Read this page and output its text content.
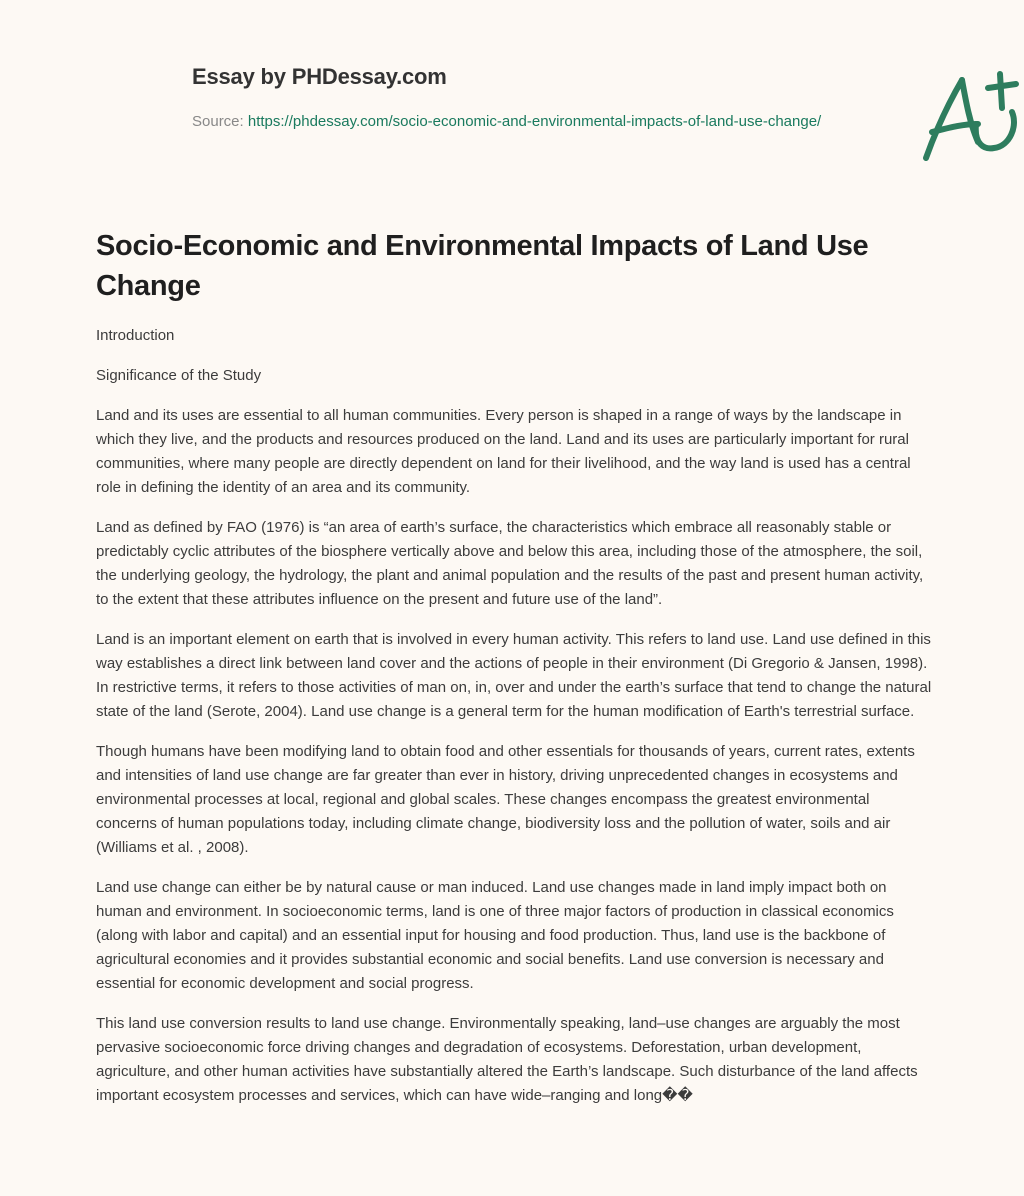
Essay by PHDessay.com
Source: https://phdessay.com/socio-economic-and-environmental-impacts-of-land-use-change/
Socio-Economic and Environmental Impacts of Land Use Change

Introduction

Significance of the Study

Land and its uses are essential to all human communities. Every person is shaped in a range of ways by the landscape in which they live, and the products and resources produced on the land. Land and its uses are particularly important for rural communities, where many people are directly dependent on land for their livelihood, and the way land is used has a central role in defining the identity of an area and its community.

Land as defined by FAO (1976) is “an area of earth’s surface, the characteristics which embrace all reasonably stable or predictably cyclic attributes of the biosphere vertically above and below this area, including those of the atmosphere, the soil, the underlying geology, the hydrology, the plant and animal population and the results of the past and present human activity, to the extent that these attributes influence on the present and future use of the land”.

Land is an important element on earth that is involved in every human activity. This refers to land use. Land use defined in this way establishes a direct link between land cover and the actions of people in their environment (Di Gregorio & Jansen, 1998). In restrictive terms, it refers to those activities of man on, in, over and under the earth’s surface that tend to change the natural state of the land (Serote, 2004). Land use change is a general term for the human modification of Earth's terrestrial surface.

Though humans have been modifying land to obtain food and other essentials for thousands of years, current rates, extents and intensities of land use change are far greater than ever in history, driving unprecedented changes in ecosystems and environmental processes at local, regional and global scales. These changes encompass the greatest environmental concerns of human populations today, including climate change, biodiversity loss and the pollution of water, soils and air (Williams et al. , 2008).

Land use change can either be by natural cause or man induced. Land use changes made in land imply impact both on human and environment. In socioeconomic terms, land is one of three major factors of production in classical economics (along with labor and capital) and an essential input for housing and food production. Thus, land use is the backbone of agricultural economies and it provides substantial economic and social benefits. Land use conversion is necessary and essential for economic development and social progress.

This land use conversion results to land use change. Environmentally speaking, land–use changes are arguably the most pervasive socioeconomic force driving changes and degradation of ecosystems. Deforestation, urban development, agriculture, and other human activities have substantially altered the Earth’s landscape. Such disturbance of the land affects important ecosystem processes and services, which can have wide–ranging and long��
